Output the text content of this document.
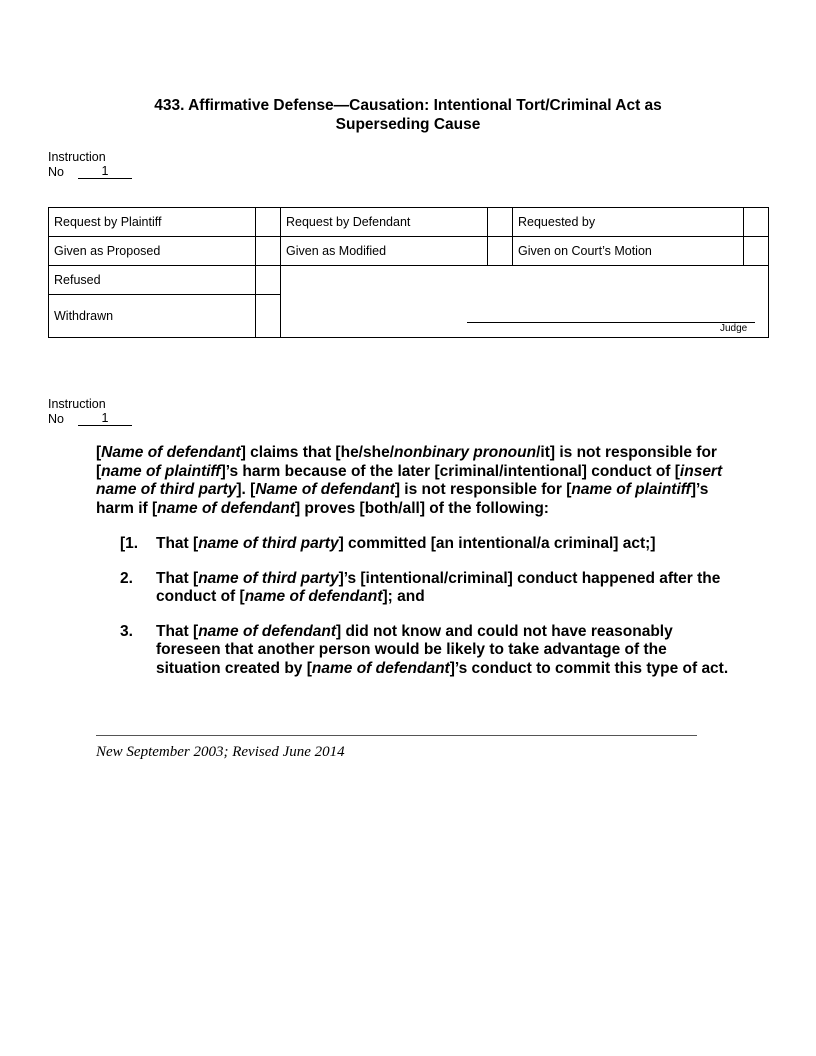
433. Affirmative Defense—Causation: Intentional Tort/Criminal Act as
Superseding Cause
Instruction
No	1
Request by Plaintiff		Request by Defendant		Requested by	
Given as Proposed		Given as Modified		Given on Court’s Motion	
Refused					
Withdrawn					
Judge
Instruction
No	1
[Name of defendant] claims that [he/she/nonbinary pronoun/it] is not responsible for [name of plaintiff]’s harm because of the later [criminal/intentional] conduct of [insert name of third party]. [Name of defendant] is not responsible for [name of plaintiff]’s harm if [name of defendant] proves [both/all] of the following:
[1.	That [name of third party] committed [an intentional/a criminal] act;]
2.	That [name of third party]’s [intentional/criminal] conduct happened after the conduct of [name of defendant]; and
3.	That [name of defendant] did not know and could not have reasonably foreseen that another person would be likely to take advantage of the situation created by [name of defendant]’s conduct to commit this type of act.
New September 2003; Revised June 2014
